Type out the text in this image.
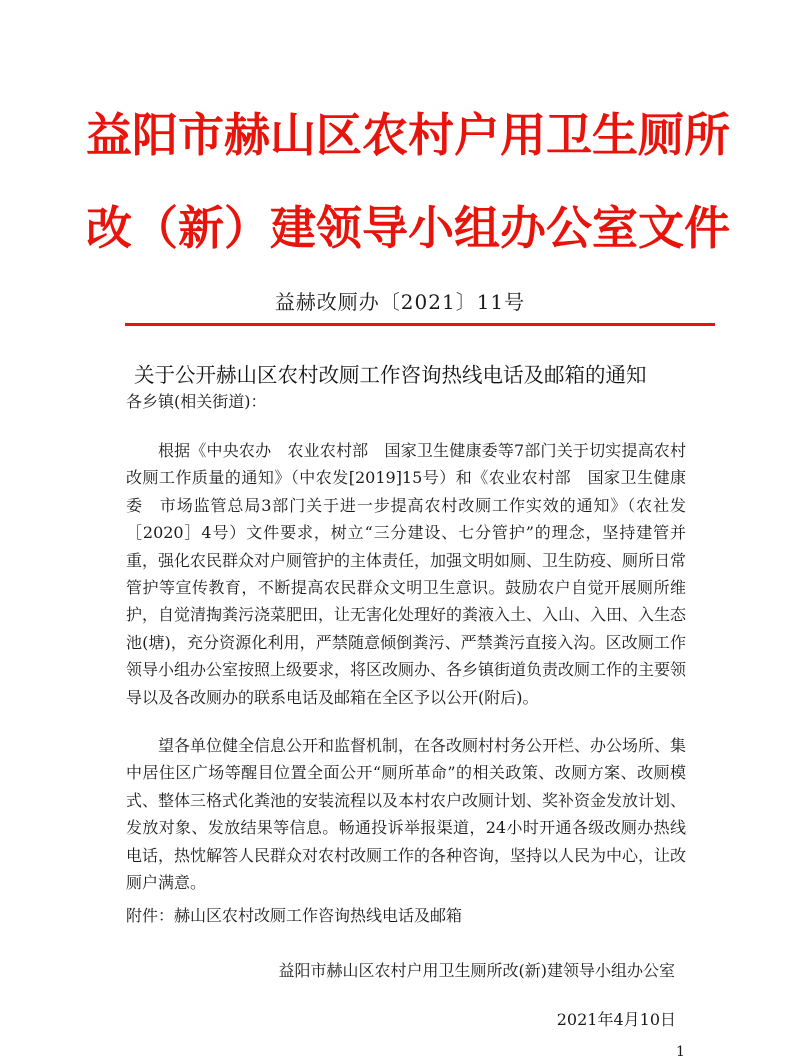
益阳市赫山区农村户用卫生厕所
改（新）建领导小组办公室文件
益赫改厕办〔2021〕11号
关于公开赫山区农村改厕工作咨询热线电话及邮箱的通知
各乡镇(相关街道)：

根据《中央农办　农业农村部　国家卫生健康委等7部门关于切实提高农村改厕工作质量的通知》（中农发[2019]15号）和《农业农村部　国家卫生健康委　市场监管总局3部门关于进一步提高农村改厕工作实效的通知》（农社发［2020］4号）文件要求，树立“三分建设、七分管护”的理念，坚持建管并重，强化农民群众对户厕管护的主体责任，加强文明如厕、卫生防疫、厕所日常管护等宣传教育，不断提高农民群众文明卫生意识。鼓励农户自觉开展厕所维护，自觉清掏粪污浇菜肥田，让无害化处理好的粪液入土、入山、入田、入生态池(塘)，充分资源化利用，严禁随意倾倒粪污、严禁粪污直接入沟。区改厕工作领导小组办公室按照上级要求，将区改厕办、各乡镇街道负责改厕工作的主要领导以及各改厕办的联系电话及邮箱在全区予以公开(附后)。

望各单位健全信息公开和监督机制，在各改厕村村务公开栏、办公场所、集中居住区广场等醒目位置全面公开“厕所革命”的相关政策、改厕方案、改厕模式、整体三格式化粪池的安装流程以及本村农户改厕计划、奖补资金发放计划、发放对象、发放结果等信息。畅通投诉举报渠道，24小时开通各级改厕办热线电话，热忱解答人民群众对农村改厕工作的各种咨询，坚持以人民为中心，让改厕户满意。

附件：赫山区农村改厕工作咨询热线电话及邮箱
益阳市赫山区农村户用卫生厕所改(新)建领导小组办公室
2021年4月10日
1
